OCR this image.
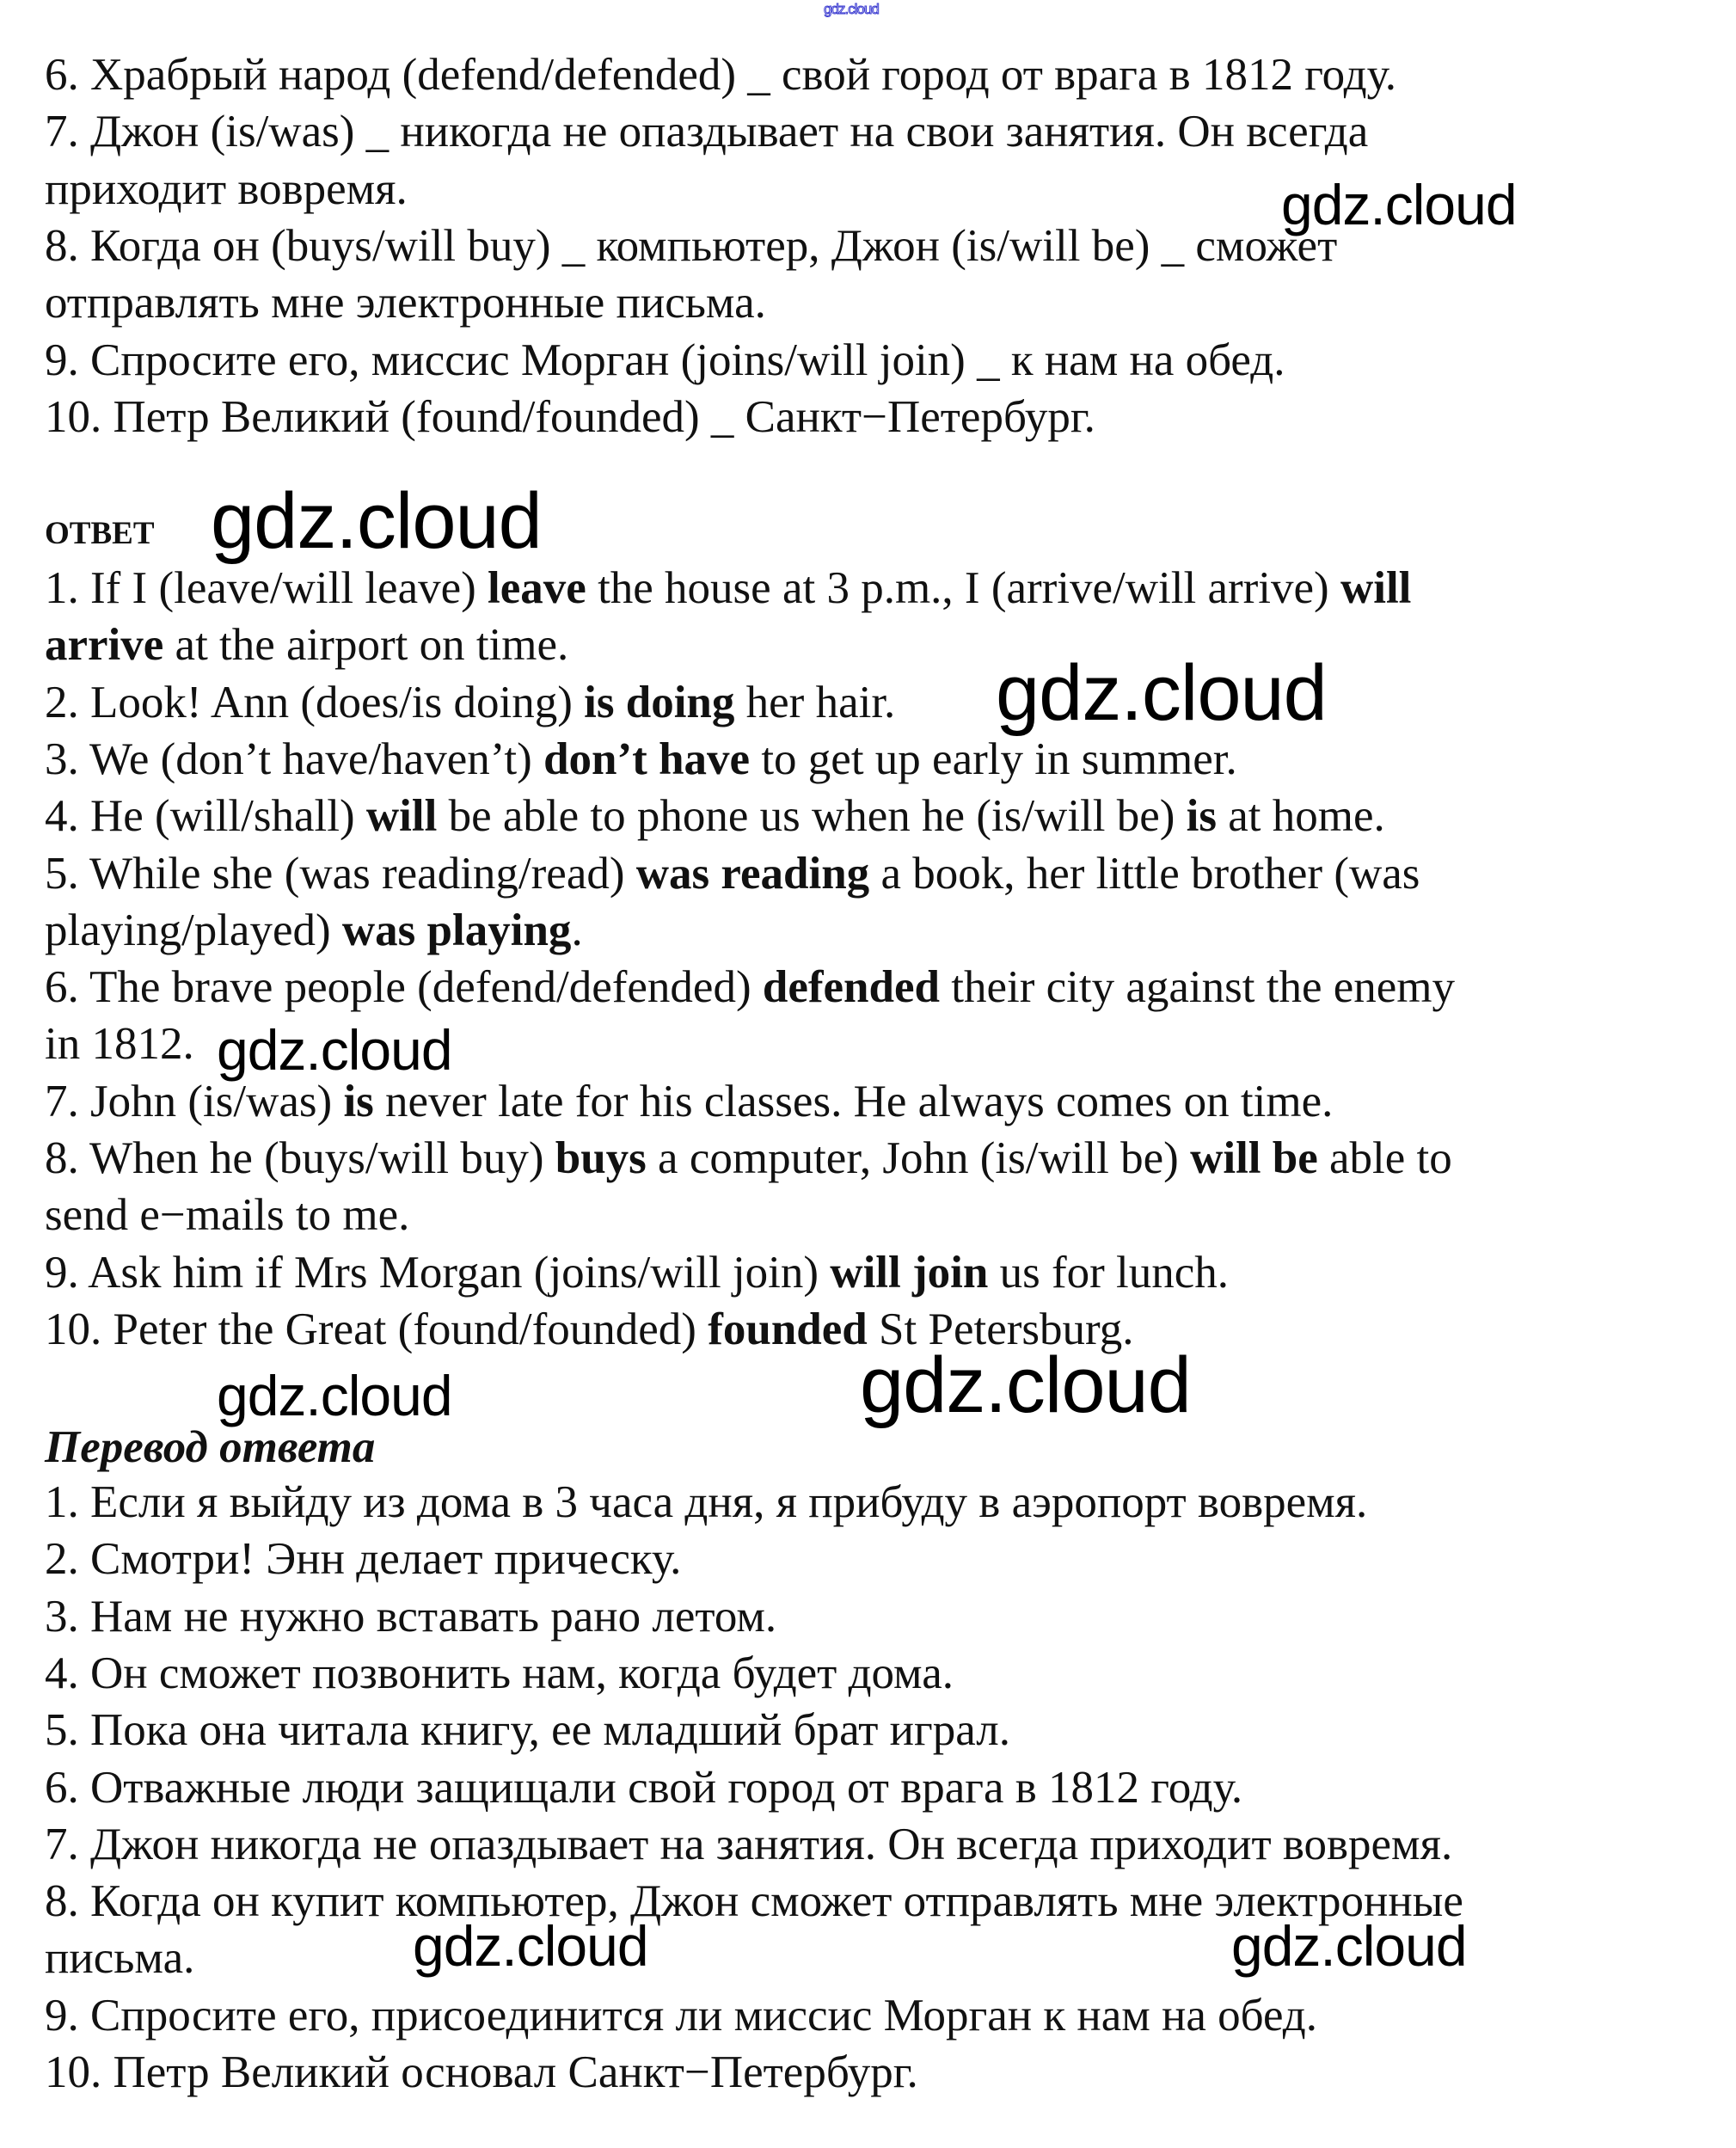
6. Храбрый народ (defend/defended) _ свой город от врага в 1812 году.
7. Джон (is/was) _ никогда не опаздывает на свои занятия. Он всегда
приходит вовремя.
8. Когда он (buys/will buy) _ компьютер, Джон (is/will be) _ сможет
отправлять мне электронные письма.
9. Спросите его, миссис Морган (joins/will join) _ к нам на обед.
10. Петр Великий (found/founded) _ Санкт−Петербург.
ответ
1. If I (leave/will leave) leave the house at 3 p.m., I (arrive/will arrive) will
arrive at the airport on time.
2. Look! Ann (does/is doing) is doing her hair.
3. We (don’t have/haven’t) don’t have to get up early in summer.
4. He (will/shall) will be able to phone us when he (is/will be) is at home.
5. While she (was reading/read) was reading a book, her little brother (was
playing/played) was playing.
6. The brave people (defend/defended) defended their city against the enemy
in 1812.
7. John (is/was) is never late for his classes. He always comes on time.
8. When he (buys/will buy) buys a computer, John (is/will be) will be able to
send e−mails to me.
9. Ask him if Mrs Morgan (joins/will join) will join us for lunch.
10. Peter the Great (found/founded) founded St Petersburg.
Перевод ответа
1. Если я выйду из дома в 3 часа дня, я прибуду в аэропорт вовремя.
2. Смотри! Энн делает прическу.
3. Нам не нужно вставать рано летом.
4. Он сможет позвонить нам, когда будет дома.
5. Пока она читала книгу, ее младший брат играл.
6. Отважные люди защищали свой город от врага в 1812 году.
7. Джон никогда не опаздывает на занятия. Он всегда приходит вовремя.
8. Когда он купит компьютер, Джон сможет отправлять мне электронные
письма.
9. Спросите его, присоединится ли миссис Морган к нам на обед.
10. Петр Великий основал Санкт−Петербург.
gdz.cloud
gdz.cloud
gdz.cloud
gdz.cloud
gdz.cloud
gdz.cloud	gdz.cloud
gdz.cloud	gdz.cloud
